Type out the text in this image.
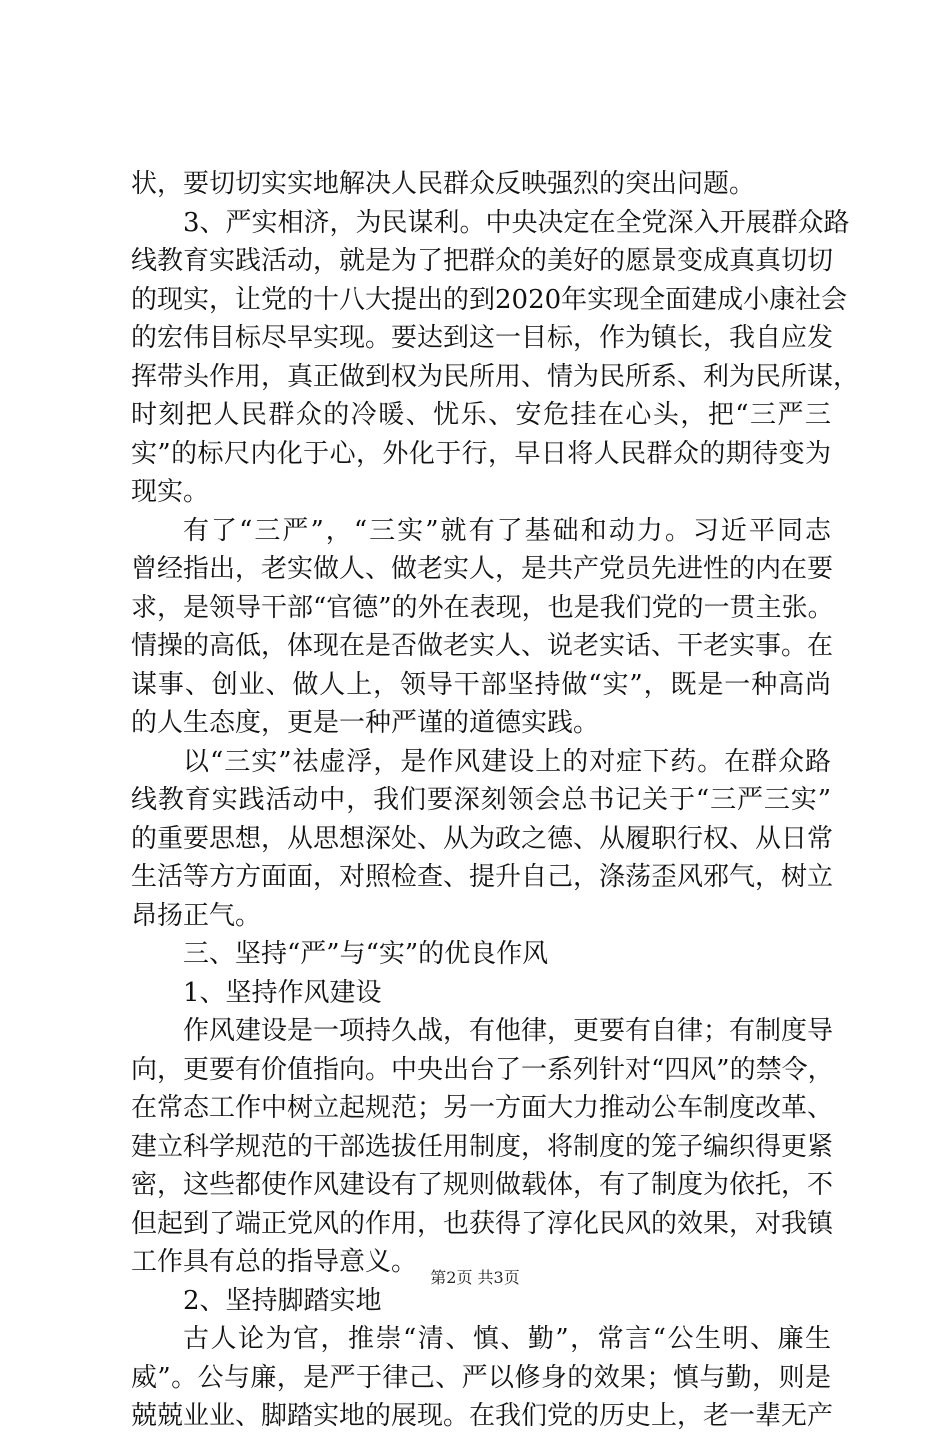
状，要切切实实地解决人民群众反映强烈的突出问题。
3、严实相济，为民谋利。中央决定在全党深入开展群众路
线教育实践活动，就是为了把群众的美好的愿景变成真真切切
的现实，让党的十八大提出的到2020年实现全面建成小康社会
的宏伟目标尽早实现。要达到这一目标，作为镇长，我自应发
挥带头作用，真正做到权为民所用、情为民所系、利为民所谋，
时刻把人民群众的冷暖、忧乐、安危挂在心头，把“三严三
实”的标尺内化于心，外化于行，早日将人民群众的期待变为
现实。
有了“三严”，“三实”就有了基础和动力。习近平同志
曾经指出，老实做人、做老实人，是共产党员先进性的内在要
求，是领导干部“官德”的外在表现，也是我们党的一贯主张。
情操的高低，体现在是否做老实人、说老实话、干老实事。在
谋事、创业、做人上，领导干部坚持做“实”，既是一种高尚
的人生态度，更是一种严谨的道德实践。
以“三实”祛虚浮，是作风建设上的对症下药。在群众路
线教育实践活动中，我们要深刻领会总书记关于“三严三实”
的重要思想，从思想深处、从为政之德、从履职行权、从日常
生活等方方面面，对照检查、提升自己，涤荡歪风邪气，树立
昂扬正气。
三、坚持“严”与“实”的优良作风
1、坚持作风建设
作风建设是一项持久战，有他律，更要有自律；有制度导
向，更要有价值指向。中央出台了一系列针对“四风”的禁令，
在常态工作中树立起规范；另一方面大力推动公车制度改革、
建立科学规范的干部选拔任用制度，将制度的笼子编织得更紧
密，这些都使作风建设有了规则做载体，有了制度为依托，不
但起到了端正党风的作用，也获得了淳化民风的效果，对我镇
工作具有总的指导意义。
2、坚持脚踏实地
古人论为官，推崇“清、慎、勤”，常言“公生明、廉生
威”。公与廉，是严于律己、严以修身的效果；慎与勤，则是
兢兢业业、脚踏实地的展现。在我们党的历史上，老一辈无产
第2页 共3页
